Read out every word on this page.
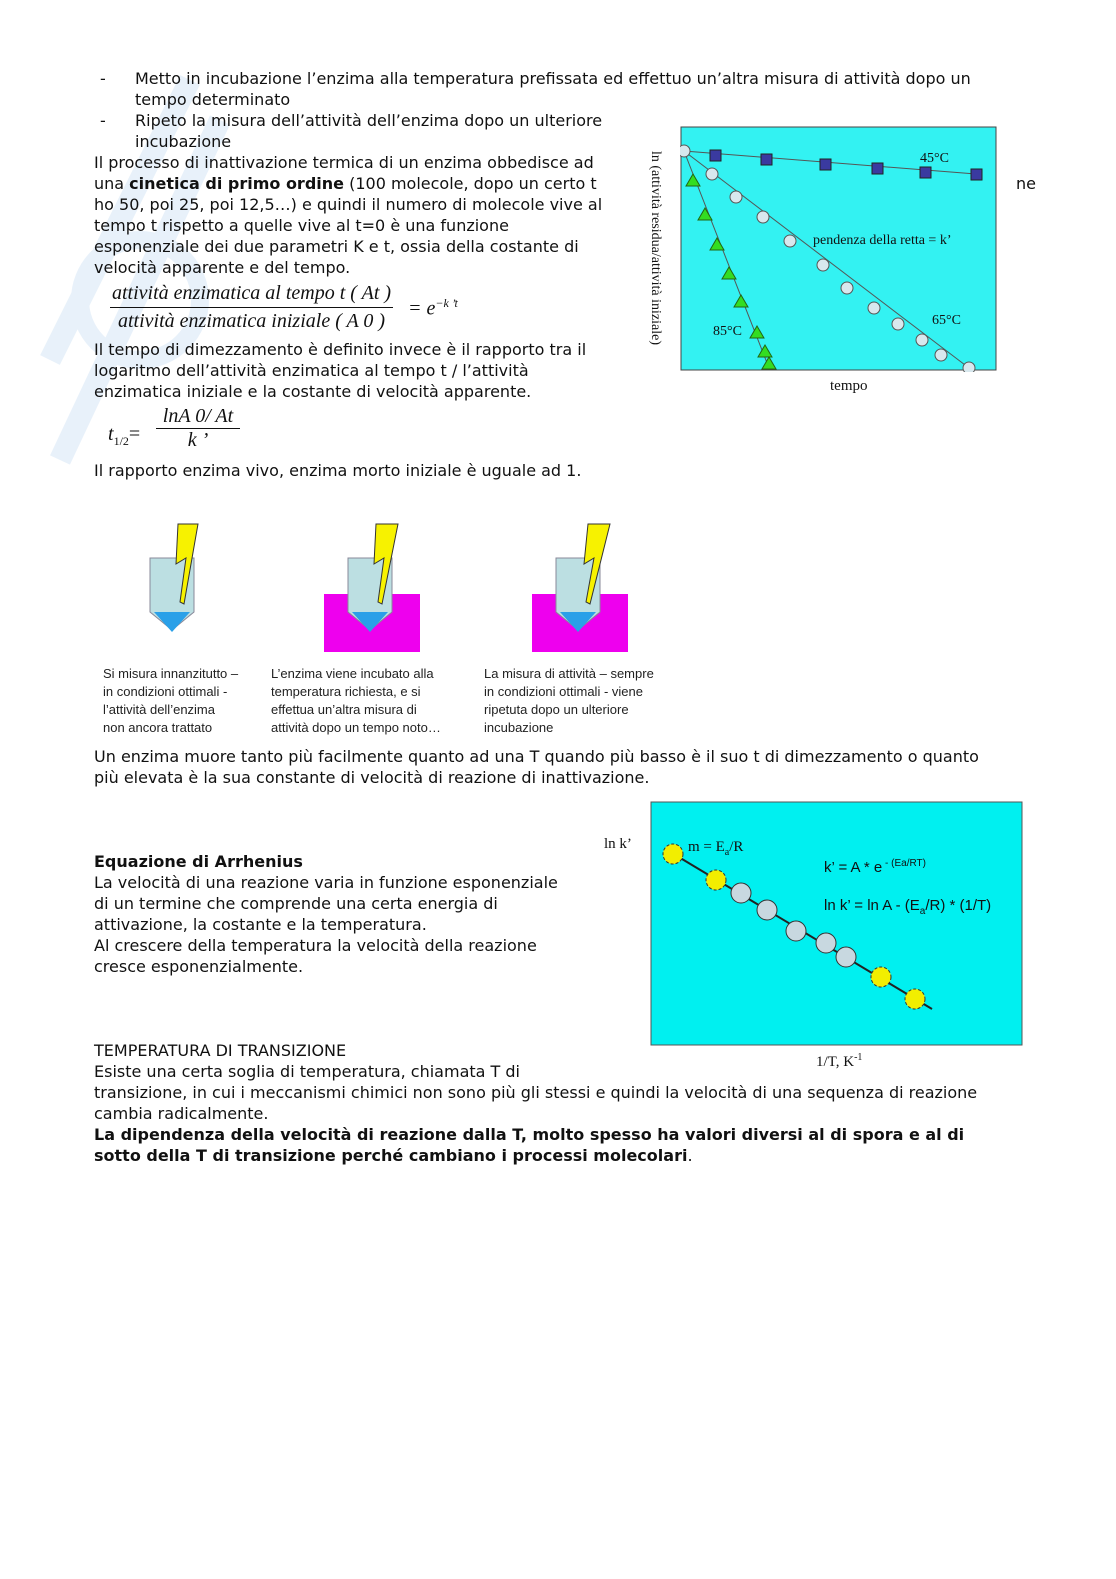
- Metto in incubazione l’enzima alla temperatura prefissata ed effettuo un’altra misura di attività dopo un
tempo determinato
- Ripeto la misura dell’attività dell’enzima dopo un ulteriore
incubazione
Il processo di inattivazione termica di un enzima obbedisce ad
una cinetica di primo ordine (100 molecole, dopo un certo t
ho 50, poi 25, poi 12,5…) e quindi il numero di molecole vive al
tempo t rispetto a quelle vive al t=0 è una funzione
esponenziale dei due parametri K e t, ossia della costante di
velocità apparente e del tempo.
ne
attività enzimatica al tempo t ( At )
attività enzimatica iniziale ( A 0 )
= $e^{-k ’t}$
Il tempo di dimezzamento è definito invece è il rapporto tra il
logaritmo dell’attività enzimatica al tempo t / l’attività
enzimatica iniziale e la costante di velocità apparente.
$t_{1/2}=$
lnA 0/ At
k ’
Il rapporto enzima vivo, enzima morto iniziale è uguale ad 1.
ln (attività residua/attività iniziale)	45°C
pendenza della retta = k’
65°C
85°C
tempo
Si misura innanzitutto –
in condizioni ottimali -
l’attività dell’enzima
non ancora trattato
L’enzima viene incubato alla
temperatura richiesta, e si
effettua un’altra misura di
attività dopo un tempo noto…
La misura di attività – sempre
in condizioni ottimali - viene
ripetuta dopo un ulteriore
incubazione
Un enzima muore tanto più facilmente quanto ad una T quando più basso è il suo t di dimezzamento o quanto
più elevata è la sua constante di velocità di reazione di inattivazione.
Equazione di Arrhenius
La velocità di una reazione varia in funzione esponenziale
di un termine che comprende una certa energia di
attivazione, la costante e la temperatura.
Al crescere della temperatura la velocità della reazione
cresce esponenzialmente.
ln k’	$m = E_a/R$
k’ = A * e $^{- (Ea/RT)}$
ln k’ = ln A - $(E_a/R) * (1/T)$
1/T, $K^{-1}$
TEMPERATURA DI TRANSIZIONE
Esiste una certa soglia di temperatura, chiamata T di
transizione, in cui i meccanismi chimici non sono più gli stessi e quindi la velocità di una sequenza di reazione
cambia radicalmente.
La dipendenza della velocità di reazione dalla T, molto spesso ha valori diversi al di spora e al di
sotto della T di transizione perché cambiano i processi molecolari.
